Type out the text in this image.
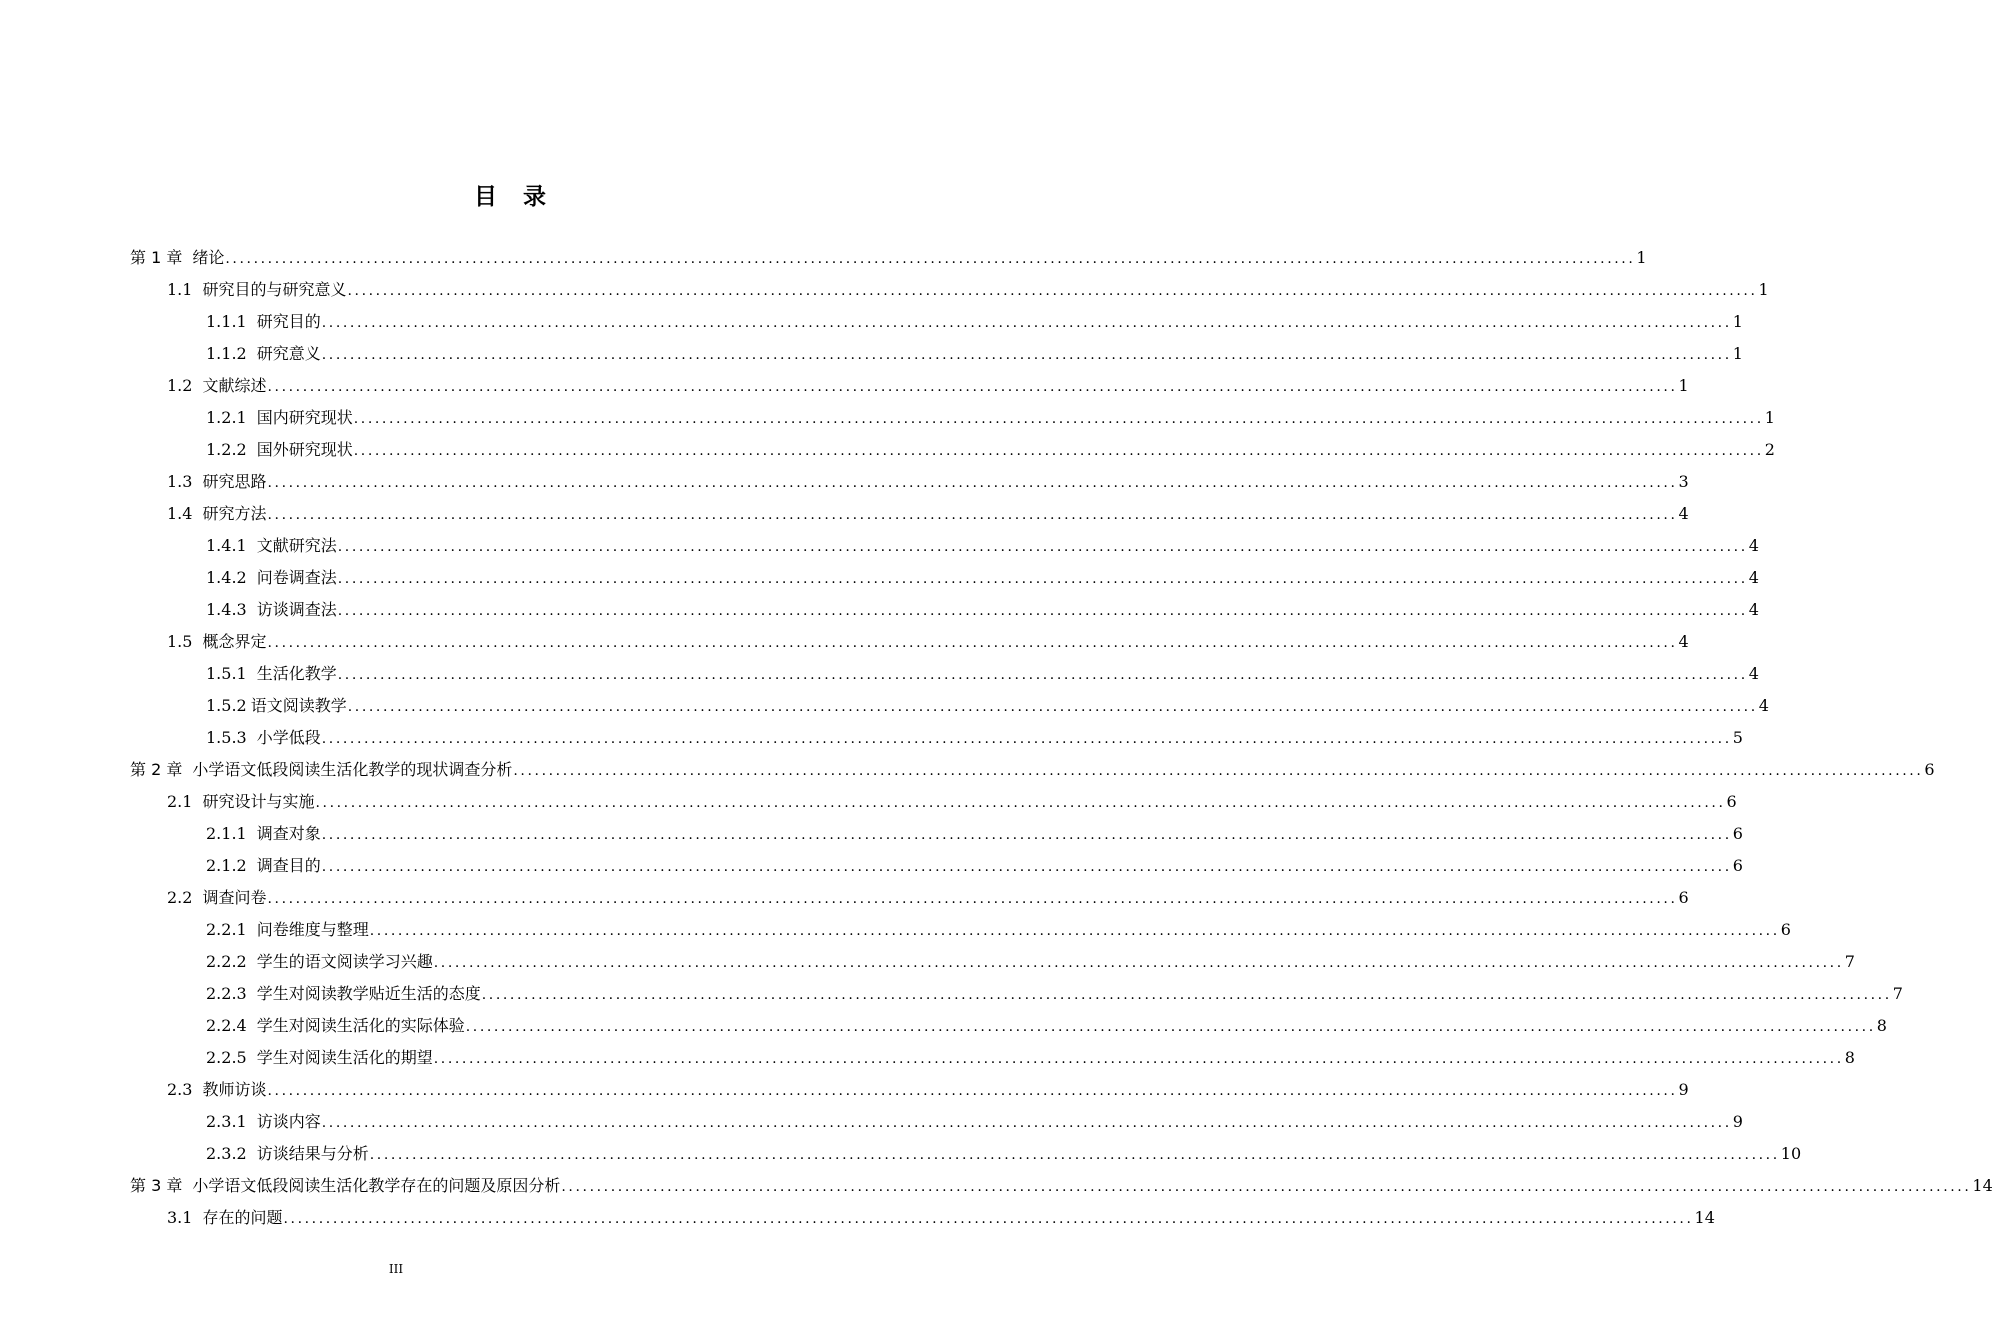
目 录
第 1 章 绪论 ........................................................................................................................................................................................................ 1
1.1 研究目的与研究意义 ........................................................................................................................................................................................................ 1
1.1.1 研究目的 ........................................................................................................................................................................................................ 1
1.1.2 研究意义 ........................................................................................................................................................................................................ 1
1.2 文献综述 ........................................................................................................................................................................................................ 1
1.2.1 国内研究现状 ........................................................................................................................................................................................................ 1
1.2.2 国外研究现状 ........................................................................................................................................................................................................ 2
1.3 研究思路 ........................................................................................................................................................................................................ 3
1.4 研究方法 ........................................................................................................................................................................................................ 4
1.4.1 文献研究法 ........................................................................................................................................................................................................ 4
1.4.2 问卷调查法 ........................................................................................................................................................................................................ 4
1.4.3 访谈调查法 ........................................................................................................................................................................................................ 4
1.5 概念界定 ........................................................................................................................................................................................................ 4
1.5.1 生活化教学 ........................................................................................................................................................................................................ 4
1.5.2 语文阅读教学 ........................................................................................................................................................................................................ 4
1.5.3 小学低段 ........................................................................................................................................................................................................ 5
第 2 章 小学语文低段阅读生活化教学的现状调查分析 ........................................................................................................................................................................................................ 6
2.1 研究设计与实施 ........................................................................................................................................................................................................ 6
2.1.1 调查对象 ........................................................................................................................................................................................................ 6
2.1.2 调查目的 ........................................................................................................................................................................................................ 6
2.2 调查问卷 ........................................................................................................................................................................................................ 6
2.2.1 问卷维度与整理 ........................................................................................................................................................................................................ 6
2.2.2 学生的语文阅读学习兴趣 ........................................................................................................................................................................................................ 7
2.2.3 学生对阅读教学贴近生活的态度 ........................................................................................................................................................................................................ 7
2.2.4 学生对阅读生活化的实际体验 ........................................................................................................................................................................................................ 8
2.2.5 学生对阅读生活化的期望 ........................................................................................................................................................................................................ 8
2.3 教师访谈 ........................................................................................................................................................................................................ 9
2.3.1 访谈内容 ........................................................................................................................................................................................................ 9
2.3.2 访谈结果与分析 ........................................................................................................................................................................................................ 10
第 3 章 小学语文低段阅读生活化教学存在的问题及原因分析 ........................................................................................................................................................................................................ 14
3.1 存在的问题 ........................................................................................................................................................................................................ 14
III
